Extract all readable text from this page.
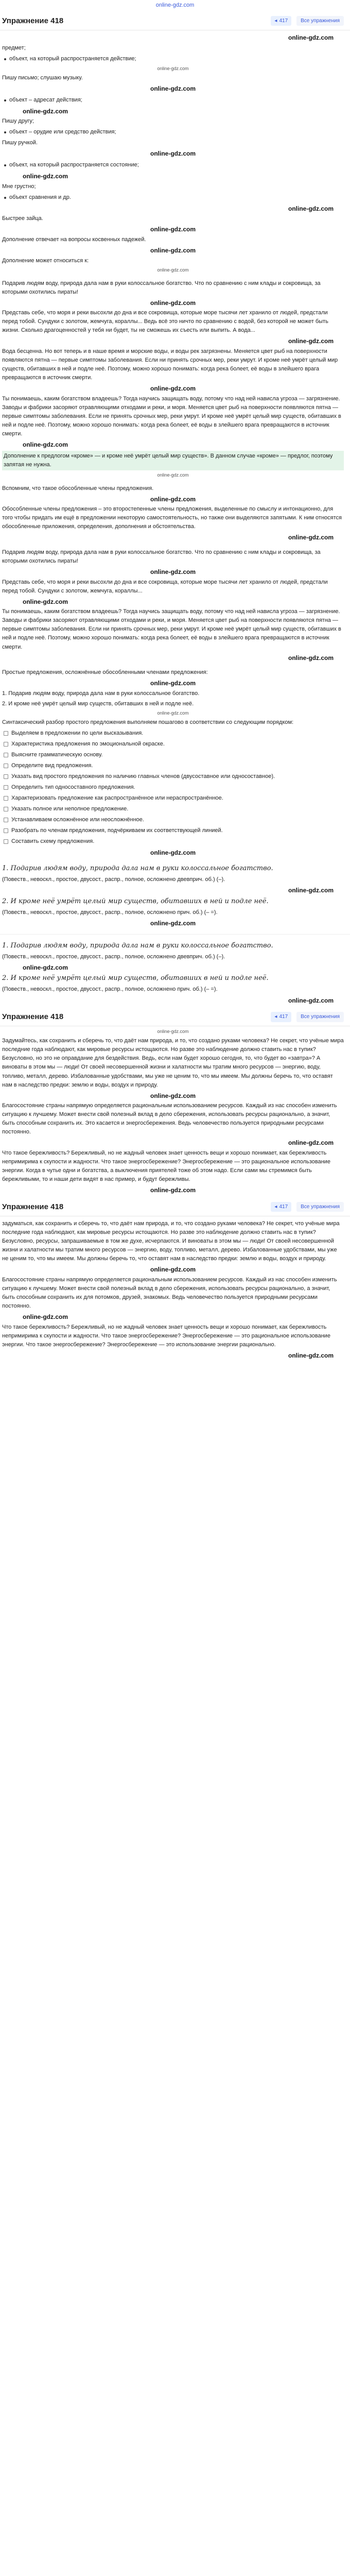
online-gdz.com
Упражнение 418	◂ 417	Все упражнения
online-gdz.com

предмет;

объект, на который распространяется действие;
online-gdz.com

Пишу письмо; слушаю музыку.

online-gdz.com
объект – адресат действия;
online-gdz.com

Пишу другу;

объект – орудие или средство действия;

Пишу ручкой.

online-gdz.com
объект, на который распространяется состояние;
online-gdz.com

Мне грустно;

объект сравнения и др.
online-gdz.com

Быстрее зайца.

online-gdz.com

Дополнение отвечает на вопросы косвенных падежей.

online-gdz.com

Дополнение может относиться к:

online-gdz.com

Подарив людям воду, природа дала нам в руки колоссальное богатство. Что по сравнению с ним клады и сокровища, за которыми охотились пираты!

online-gdz.com

Представь себе, что моря и реки высохли до дна и все сокровища, которые море тысячи лет хранило от людей, предстали перед тобой. Сундуки с золотом, жемчуга, кораллы... Ведь всё это ничто по сравнению с водой, без которой не может быть жизни. Сколько драгоценностей у тебя ни будет, ты не сможешь их съесть или выпить. А вода...

online-gdz.com

Вода бесценна. Но вот теперь и в наше время и морские воды, и воды рек загрязнены. Меняется цвет рыб на поверхности появляются пятна — первые симптомы заболевания. Если ни принять срочных мер, реки умрут. И кроме неё умрёт целый мир существ, обитавших в ней и подле неё. Поэтому, можно хорошо понимать: когда река болеет, её воды в злейшего врага превращаются в источник смерти.

online-gdz.com

Ты понимаешь, каким богатством владеешь? Тогда научись защищать воду, потому что над ней нависла угроза — загрязнение. Заводы и фабрики засоряют отравляющими отходами и реки, и моря. Меняется цвет рыб на поверхности появляются пятна — первые симптомы заболевания. Если не принять срочных мер, реки умрут. И кроме неё умрёт целый мир существ, обитавших в ней и подле неё. Поэтому, можно хорошо понимать: когда река болеет, её воды в злейшего врага превращаются в источник смерти.

online-gdz.com

Дополнение к предлогом «кроме» — и кроме неё умрёт целый мир существ». В данном случае «кроме» — предлог, поэтому запятая не нужна.

online-gdz.com

Вспомним, что такое обособленные члены предложения.

online-gdz.com

Обособленные члены предложения – это второстепенные члены предложения, выделенные по смыслу и интонационно, для того чтобы придать им ещё в предложении некоторую самостоятельность, но также они выделяются запятыми. К ним относятся обособленные приложения, определения, дополнения и обстоятельства.

online-gdz.com

Подарив людям воду, природа дала нам в руки колоссальное богатство. Что по сравнению с ним клады и сокровища, за которыми охотились пираты!

online-gdz.com

Представь себе, что моря и реки высохли до дна и все сокровища, которые море тысячи лет хранило от людей, предстали перед тобой. Сундуки с золотом, жемчуга, кораллы...

online-gdz.com

Ты понимаешь, каким богатством владеешь? Тогда научись защищать воду, потому что над ней нависла угроза — загрязнение. Заводы и фабрики засоряют отравляющими отходами и реки, и моря. Меняется цвет рыб на поверхности появляются пятна — первые симптомы заболевания. Если ни принять срочных мер, реки умрут. И кроме неё умрёт целый мир существ, обитавших в ней и подле неё. Поэтому, можно хорошо понимать: когда река болеет, её воды в злейшего врага превращаются в источник смерти.

online-gdz.com

Простые предложения, осложнённые обособленными членами предложения:

online-gdz.com

1. Подарив людям воду, природа дала нам в руки колоссальное богатство.

2. И кроме неё умрёт целый мир существ, обитавших в ней и подле неё.

online-gdz.com

Синтаксический разбор простого предложения выполняем пошагово в соответствии со следующим порядком:

Выделяем в предложении по цели высказывания.
Характеристика предложения по эмоциональной окраске.
Выясните грамматическую основу.
Определите вид предложения.
Указать вид простого предложения по наличию главных членов (двусоставное или односоставное).
Определить тип односоставного предложения.
Характеризовать предложение как распространённое или нераспространённое.
Указать полное или неполное предложение.
Устанавливаем осложнённое или неосложнённое.
Разобрать по членам предложения, подчёркиваем их соответствующей линией.
Составить схему предложения.
online-gdz.com

1. Подарив людям воду, природа дала нам в руки колоссальное богатство.

(Повеств., невоскл., простое, двусост., распр., полное, осложнено двевприч. об.) (–).

online-gdz.com

2. И кроме неё умрёт целый мир существ, обитавших в ней и подле неё.

(Повеств., невоскл., простое, двусост., распр., полное, осложнено прич. об.) (– =).

online-gdz.com

1. Подарив людям воду, природа дала нам в руки колоссальное богатство.

(Повеств., невоскл., простое, двусост., распр., полное, осложнено двевприч. об.) (–).

online-gdz.com

2. И кроме неё умрёт целый мир существ, обитавших в ней и подле неё.

(Повеств., невоскл., простое, двусост., распр., полное, осложнено прич. об.) (– =).

online-gdz.com
Упражнение 418	◂ 417	Все упражнения
online-gdz.com

Задумайтесь, как сохранить и сберечь то, что даёт нам природа, и то, что создано руками человека? Не секрет, что учёные мира последние года наблюдают, как мировые ресурсы истощаются. Но разве это наблюдение должно ставить нас в тупик? Безусловно, но это не оправдание для бездействия. Ведь, если нам будет хорошо сегодня, то, что будет во «завтра»? А виноваты в этом мы — люди! От своей несовершенной жизни и халатности мы тратим много ресурсов — энергию, воду, топливо, металл, дерево. Избалованные удобствами, мы уже не ценим то, что мы имеем. Мы должны беречь то, что оставят нам в наследство предки: землю и воды, воздух и природу.

online-gdz.com

Благосостояние страны напрямую определяется рациональным использованием ресурсов. Каждый из нас способен изменить ситуацию к лучшему. Может внести свой полезный вклад в дело сбережения, использовать ресурсы рационально, а значит, быть способным сохранить их. Это касается и энергосбережения. Ведь человечество пользуется природными ресурсами постоянно.

online-gdz.com

Что такое бережливость? Бережливый, но не жадный человек знает ценность вещи и хорошо понимает, как бережливость непримирима к скупости и жадности. Что такое энергосбережение? Энергосбережение — это рациональное использование энергии. Когда в чутье одни и богатства, а выключения приятелей тоже об этом надо. Если сами мы стремимся быть бережливыми, то и наши дети видят в нас пример, и будут бережливы.

online-gdz.com
Упражнение 418	◂ 417	Все упражнения

задуматься, как сохранить и сберечь то, что даёт нам природа, и то, что создано руками человека? Не секрет, что учёные мира последние года наблюдают, как мировые ресурсы истощаются. Но разве это наблюдение должно ставить нас в тупик? Безусловно, ресурсы, запрашиваемые в том же духе, исчерпаются. И виноваты в этом мы — люди! От своей несовершенной жизни и халатности мы тратим много ресурсов — энергию, воду, топливо, металл, дерево. Избалованные удобствами, мы уже не ценим то, что мы имеем. Мы должны беречь то, что оставят нам в наследство предки: землю и воды, воздух и природу.

online-gdz.com

Благосостояние страны напрямую определяется рациональным использованием ресурсов. Каждый из нас способен изменить ситуацию к лучшему. Может внести свой полезный вклад в дело сбережения, использовать ресурсы рационально, а значит, быть способным сохранить их для потомков, друзей, знакомых. Ведь человечество пользуется природными ресурсами постоянно.

online-gdz.com

Что такое бережливость? Бережливый, но не жадный человек знает ценность вещи и хорошо понимает, как бережливость непримирима к скупости и жадности. Что такое энергосбережение? Энергосбережение — это рациональное использование энергии. Что такое энергосбережение? Энергосбережение — это использование энергии рационально.

online-gdz.com
